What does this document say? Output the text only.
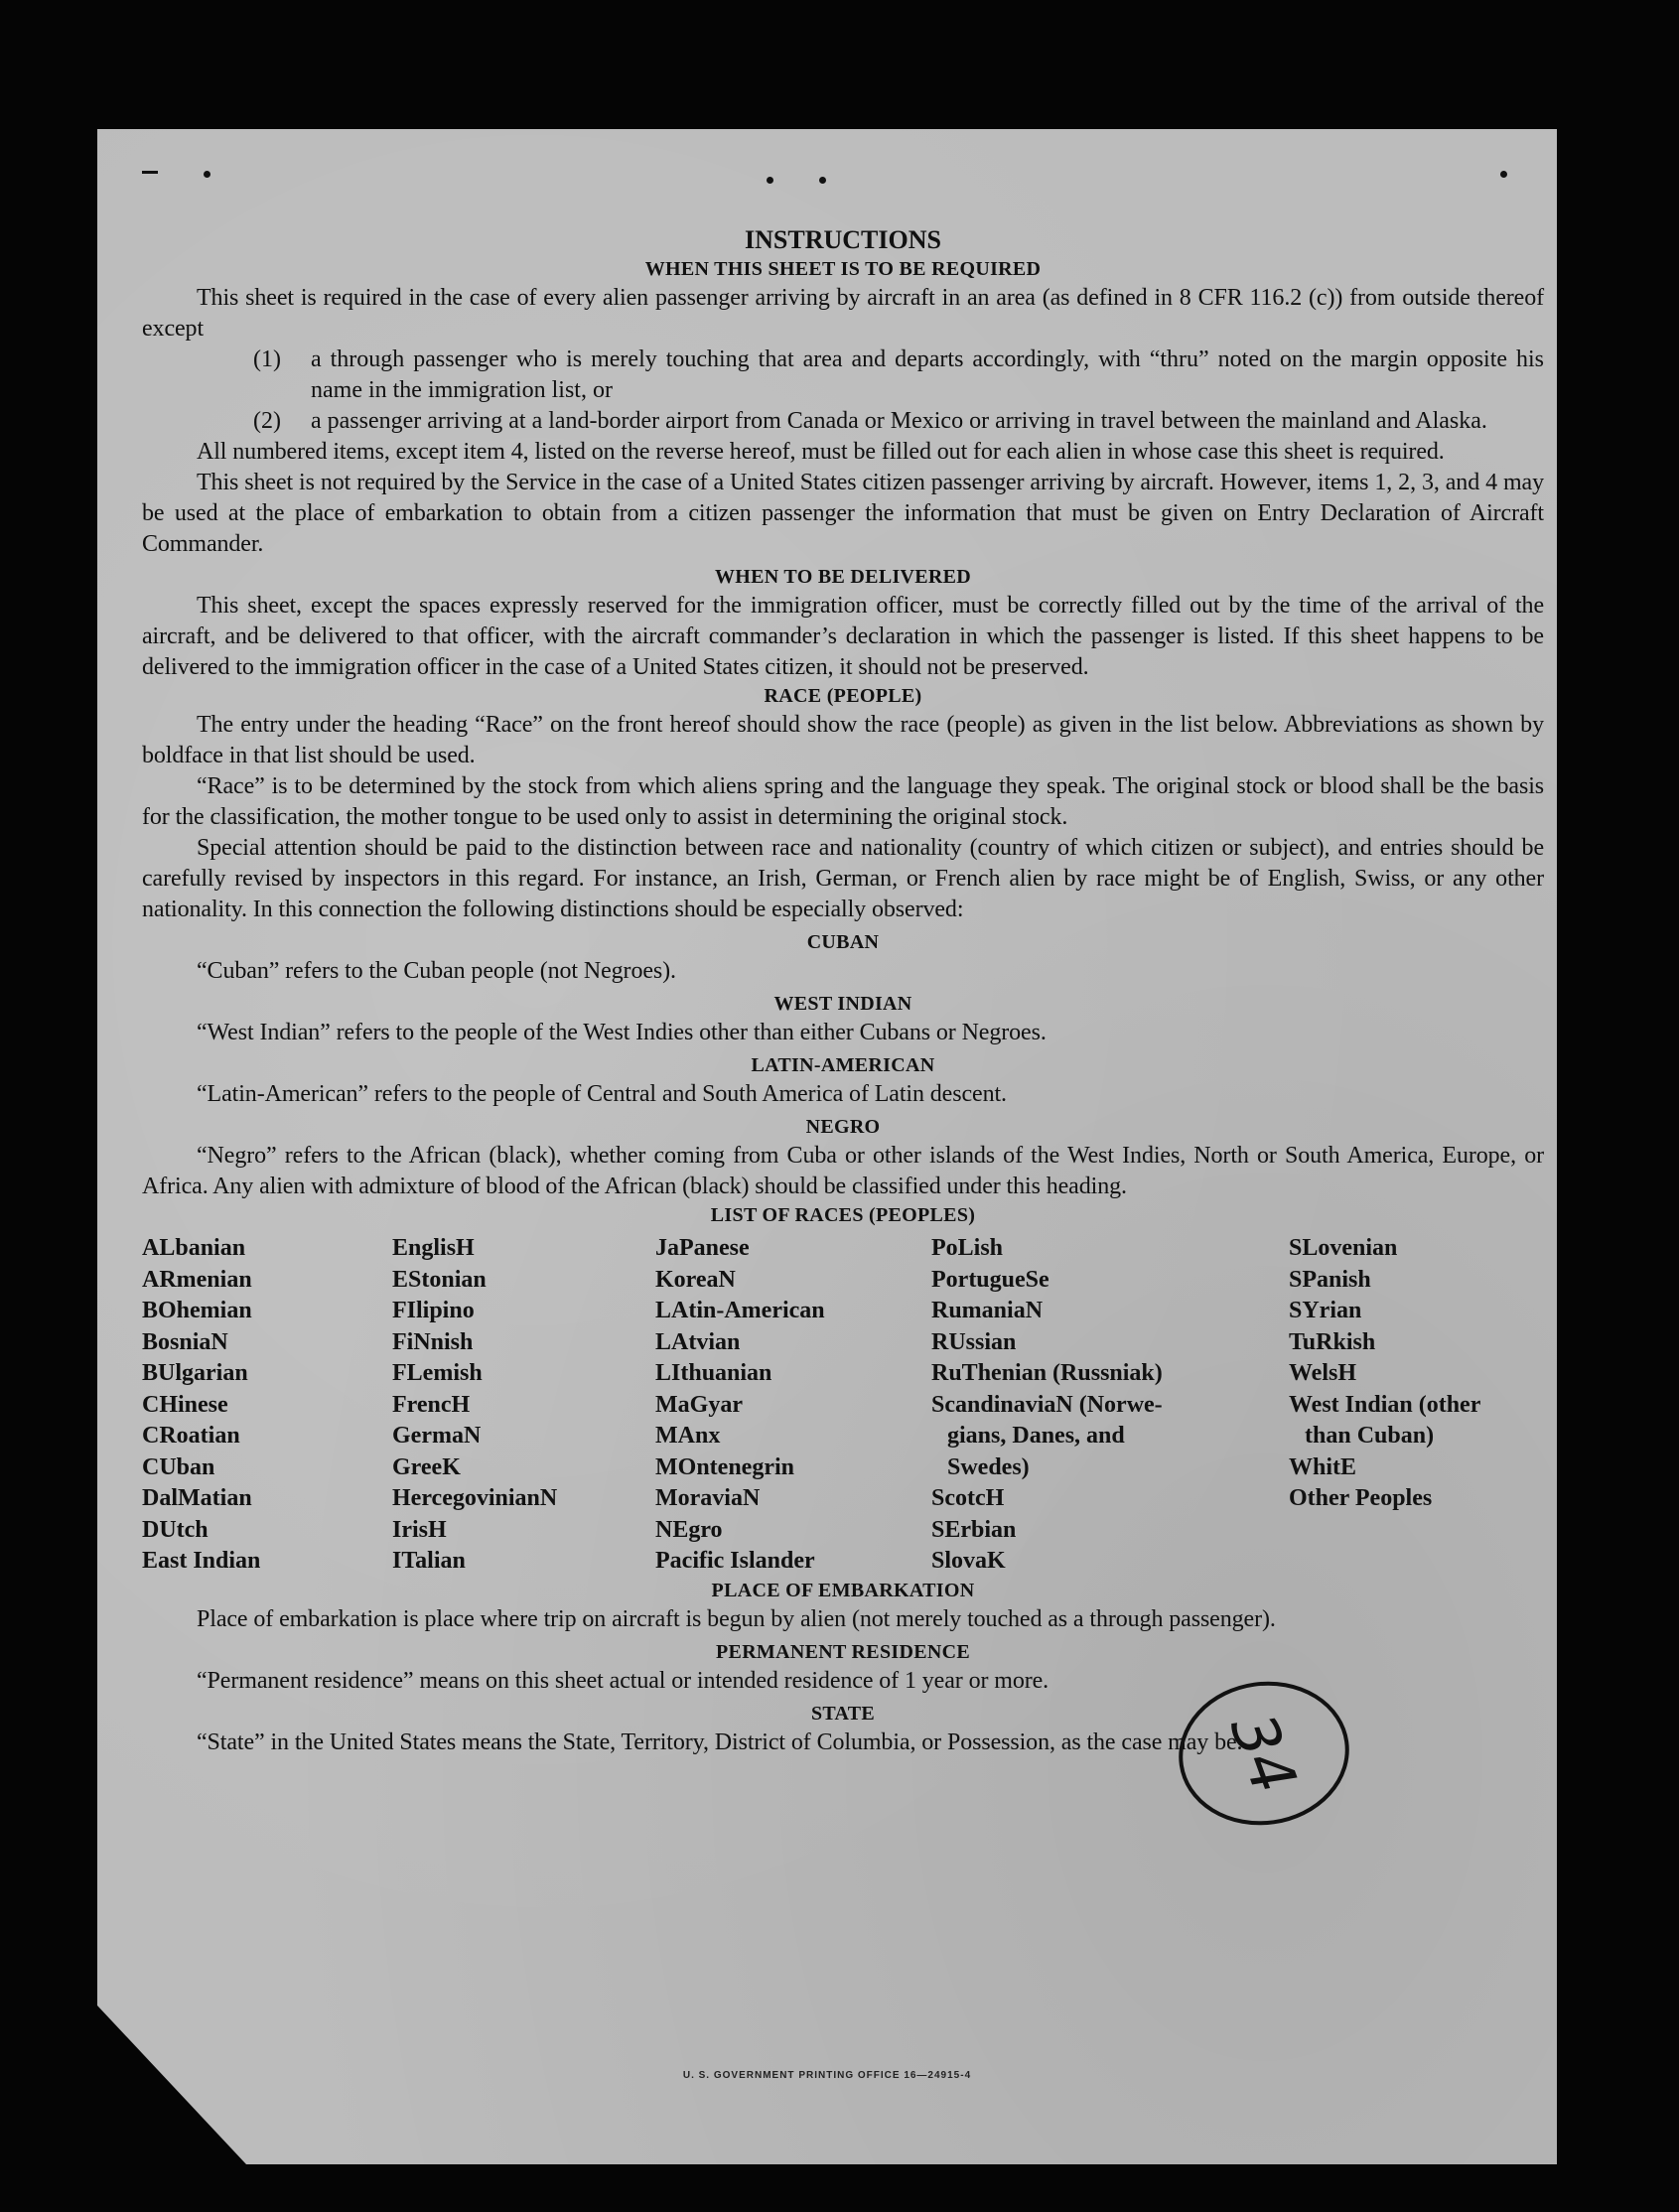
INSTRUCTIONS
WHEN THIS SHEET IS TO BE REQUIRED

This sheet is required in the case of every alien passenger arriving by aircraft in an area (as defined in 8 CFR 116.2 (c)) from outside thereof except

(1) a through passenger who is merely touching that area and departs accordingly, with “thru” noted on the margin opposite his name in the immigration list, or
(2) a passenger arriving at a land-border airport from Canada or Mexico or arriving in travel between the mainland and Alaska.

All numbered items, except item 4, listed on the reverse hereof, must be filled out for each alien in whose case this sheet is required.

This sheet is not required by the Service in the case of a United States citizen passenger arriving by aircraft. However, items 1, 2, 3, and 4 may be used at the place of embarkation to obtain from a citizen passenger the information that must be given on Entry Declaration of Aircraft Commander.

WHEN TO BE DELIVERED

This sheet, except the spaces expressly reserved for the immigration officer, must be correctly filled out by the time of the arrival of the aircraft, and be delivered to that officer, with the aircraft commander’s declaration in which the passenger is listed. If this sheet happens to be delivered to the immigration officer in the case of a United States citizen, it should not be preserved.

RACE (PEOPLE)

The entry under the heading “Race” on the front hereof should show the race (people) as given in the list below. Abbreviations as shown by boldface in that list should be used.

“Race” is to be determined by the stock from which aliens spring and the language they speak. The original stock or blood shall be the basis for the classification, the mother tongue to be used only to assist in determining the original stock.

Special attention should be paid to the distinction between race and nationality (country of which citizen or subject), and entries should be carefully revised by inspectors in this regard. For instance, an Irish, German, or French alien by race might be of English, Swiss, or any other nationality. In this connection the following distinctions should be especially observed:

CUBAN

“Cuban” refers to the Cuban people (not Negroes).

WEST INDIAN

“West Indian” refers to the people of the West Indies other than either Cubans or Negroes.

LATIN-AMERICAN

“Latin-American” refers to the people of Central and South America of Latin descent.

NEGRO

“Negro” refers to the African (black), whether coming from Cuba or other islands of the West Indies, North or South America, Europe, or Africa. Any alien with admixture of blood of the African (black) should be classified under this heading.

LIST OF RACES (PEOPLES)
ALbanian
ARmenian
BOhemian
BosniaN
BUlgarian
CHinese
CRoatian
CUban
DalMatian
DUtch
East Indian
EnglisH
EStonian
FIlipino
FiNnish
FLemish
FrencH
GermaN
GreeK
HercegovinianN
IrisH
ITalian
JaPanese
KoreaN
LAtin-American
LAtvian
LIthuanian
MaGyar
MAnx
MOntenegrin
MoraviaN
NEgro
Pacific Islander
PoLish
PortugueSe
RumaniaN
RUssian
RuThenian (Russniak)
ScandinaviaN (Norwe-
gians, Danes, and
Swedes)
ScotcH
SErbian
SlovaK
SLovenian
SPanish
SYrian
TuRkish
WelsH
West Indian (other
than Cuban)
WhitE
Other Peoples
PLACE OF EMBARKATION

Place of embarkation is place where trip on aircraft is begun by alien (not merely touched as a through passenger).

PERMANENT RESIDENCE

“Permanent residence” means on this sheet actual or intended residence of 1 year or more.

STATE

“State” in the United States means the State, Territory, District of Columbia, or Possession, as the case may be.

34
U. S. GOVERNMENT PRINTING OFFICE 16—24915-4
